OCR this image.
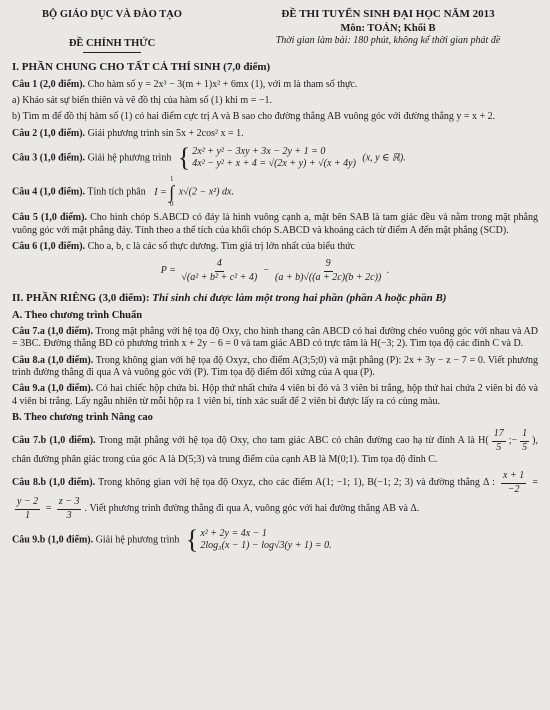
BỘ GIÁO DỤC VÀ ĐÀO TẠO
ĐỀ CHÍNH THỨC
ĐỀ THI TUYỂN SINH ĐẠI HỌC NĂM 2013
Môn: TOÁN; Khối B
Thời gian làm bài: 180 phút, không kể thời gian phát đề
I. PHẦN CHUNG CHO TẤT CẢ THÍ SINH (7,0 điểm)
Câu 1 (2,0 điểm). Cho hàm số y = 2x³ − 3(m + 1)x² + 6mx (1), với m là tham số thực.
a) Khảo sát sự biến thiên và vẽ đồ thị của hàm số (1) khi m = −1.
b) Tìm m để đồ thị hàm số (1) có hai điểm cực trị A và B sao cho đường thẳng AB vuông góc với đường thẳng y = x + 2.
Câu 2 (1,0 điểm). Giải phương trình sin 5x + 2cos² x = 1.
Câu 3 (1,0 điểm). Giải hệ phương trình { 2x² + y² − 3xy + 3x − 2y + 1 = 0
4x² − y² + x + 4 = √(2x + y) + √(x + 4y)
(x, y ∈ ℝ).
Câu 4 (1,0 điểm). Tính tích phân I =
1
∫
0
x√(2 − x²) dx.
Câu 5 (1,0 điểm). Cho hình chóp S.ABCD có đáy là hình vuông cạnh a, mặt bên SAB là tam giác đều và nằm trong mặt phẳng vuông góc với mặt phẳng đáy. Tính theo a thể tích của khối chóp S.ABCD và khoảng cách từ điểm A đến mặt phẳng (SCD).
Câu 6 (1,0 điểm). Cho a, b, c là các số thực dương. Tìm giá trị lớn nhất của biểu thức
$P = \frac{4}{\text{√(a² + b² + c² + 4)}} - \frac{9}{(a + b)√((a + 2c)(b + 2c))}$ .
II. PHẦN RIÊNG (3,0 điểm): Thí sinh chỉ được làm một trong hai phần (phần A hoặc phần B)
A. Theo chương trình Chuẩn
Câu 7.a (1,0 điểm). Trong mặt phẳng với hệ tọa độ Oxy, cho hình thang cân ABCD có hai đường chéo vuông góc với nhau và AD = 3BC. Đường thẳng BD có phương trình x + 2y − 6 = 0 và tam giác ABD có trực tâm là H(−3; 2). Tìm tọa độ các đỉnh C và D.
Câu 8.a (1,0 điểm). Trong không gian với hệ tọa độ Oxyz, cho điểm A(3;5;0) và mặt phẳng (P): 2x + 3y − z − 7 = 0. Viết phương trình đường thẳng đi qua A và vuông góc với (P). Tìm tọa độ điểm đối xứng của A qua (P).
Câu 9.a (1,0 điểm). Có hai chiếc hộp chứa bi. Hộp thứ nhất chứa 4 viên bi đỏ và 3 viên bi trắng, hộp thứ hai chứa 2 viên bi đỏ và 4 viên bi trắng. Lấy ngẫu nhiên từ mỗi hộp ra 1 viên bi, tính xác suất để 2 viên bi được lấy ra có cùng màu.
B. Theo chương trình Nâng cao
Câu 7.b (1,0 điểm). Trong mặt phẳng với hệ tọa độ Oxy, cho tam giác ABC có chân đường cao hạ từ đỉnh A là $H( \frac{17}{5}$ ;− $\frac{1}{5}$ ), chân đường phân giác trong của góc A là D(5;3) và trung điểm của cạnh AB là M(0;1). Tìm tọa độ đỉnh C.
Câu 8.b (1,0 điểm). Trong không gian với hệ tọa độ Oxyz, cho các điểm A(1; −1; 1), B(−1; 2; 3) và đường thẳng Δ : $\frac{x + 1}{-2}$ =
$\frac{y - 2}{1} = \frac{z - 3}{3}$ . Viết phương trình đường thẳng đi qua A, vuông góc với hai đường thẳng AB và Δ.
Câu 9.b (1,0 điểm). Giải hệ phương trình { x² + 2y = 4x − 1
2log₃(x − 1) − log√3(y + 1) = 0.
